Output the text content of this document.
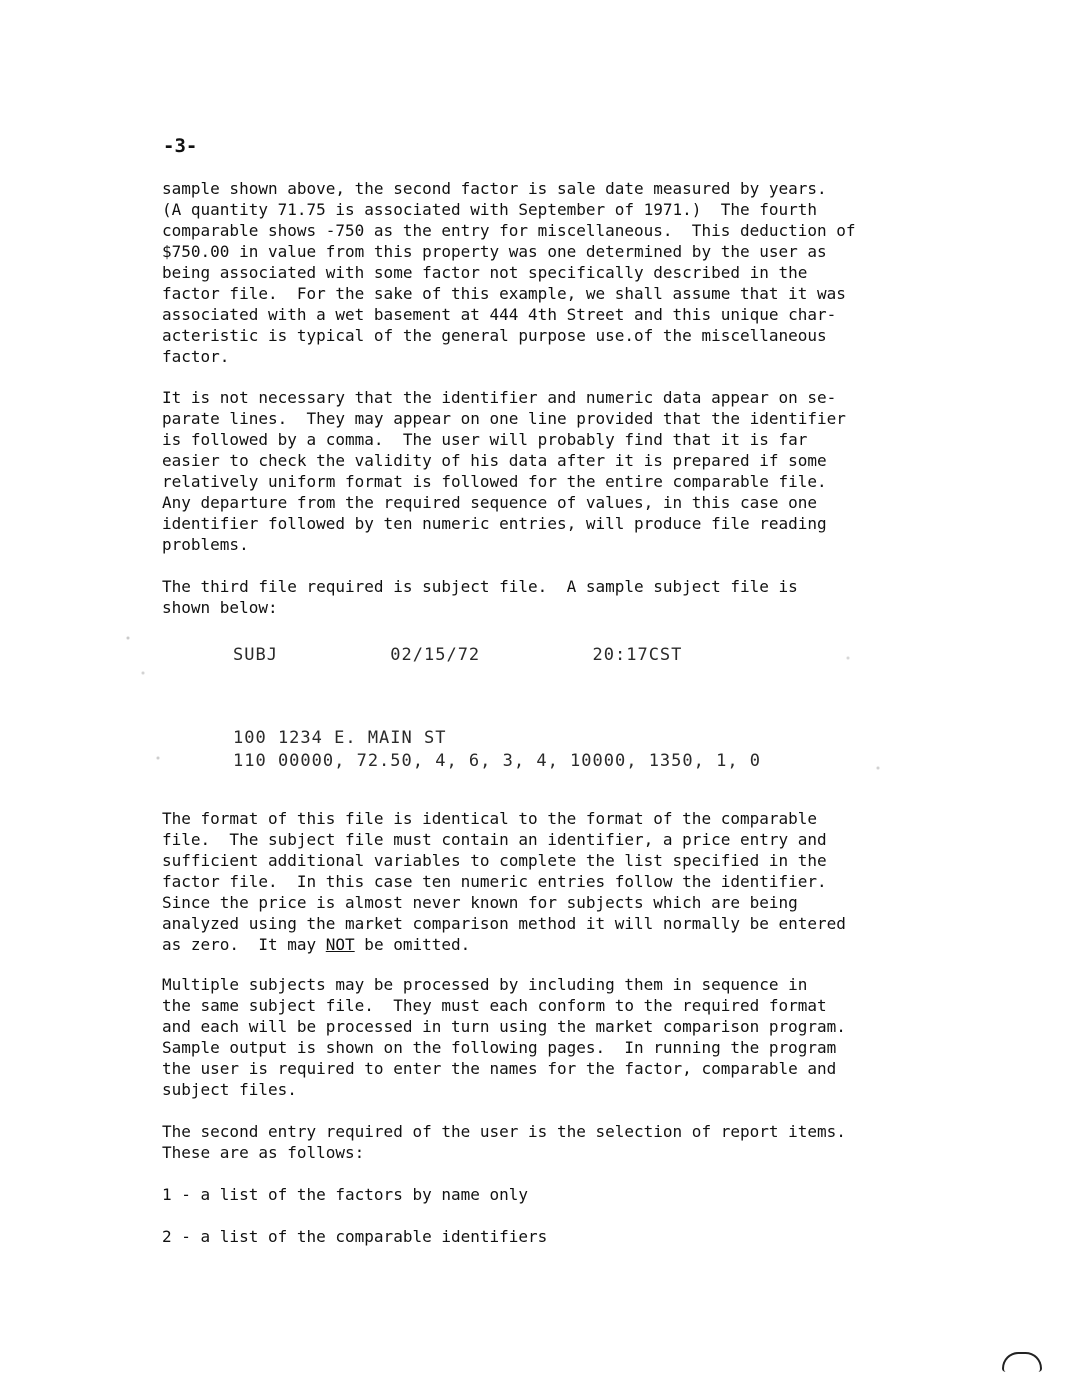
-3-
sample shown above, the second factor is sale date measured by years.
(A quantity 71.75 is associated with September of 1971.)  The fourth
comparable shows -750 as the entry for miscellaneous.  This deduction of
$750.00 in value from this property was one determined by the user as
being associated with some factor not specifically described in the
factor file.  For the sake of this example, we shall assume that it was
associated with a wet basement at 444 4th Street and this unique char-
acteristic is typical of the general purpose use.of the miscellaneous
factor.
It is not necessary that the identifier and numeric data appear on se-
parate lines.  They may appear on one line provided that the identifier
is followed by a comma.  The user will probably find that it is far
easier to check the validity of his data after it is prepared if some
relatively uniform format is followed for the entire comparable file.
Any departure from the required sequence of values, in this case one
identifier followed by ten numeric entries, will produce file reading
problems.
The third file required is subject file.  A sample subject file is
shown below:
SUBJ          02/15/72          20:17CST
100 1234 E. MAIN ST
110 00000, 72.50, 4, 6, 3, 4, 10000, 1350, 1, 0
The format of this file is identical to the format of the comparable
file.  The subject file must contain an identifier, a price entry and
sufficient additional variables to complete the list specified in the
factor file.  In this case ten numeric entries follow the identifier.
Since the price is almost never known for subjects which are being
analyzed using the market comparison method it will normally be entered
as zero.  It may NOT be omitted.
Multiple subjects may be processed by including them in sequence in
the same subject file.  They must each conform to the required format
and each will be processed in turn using the market comparison program.
Sample output is shown on the following pages.  In running the program
the user is required to enter the names for the factor, comparable and
subject files.
The second entry required of the user is the selection of report items.
These are as follows:
1 - a list of the factors by name only
2 - a list of the comparable identifiers
